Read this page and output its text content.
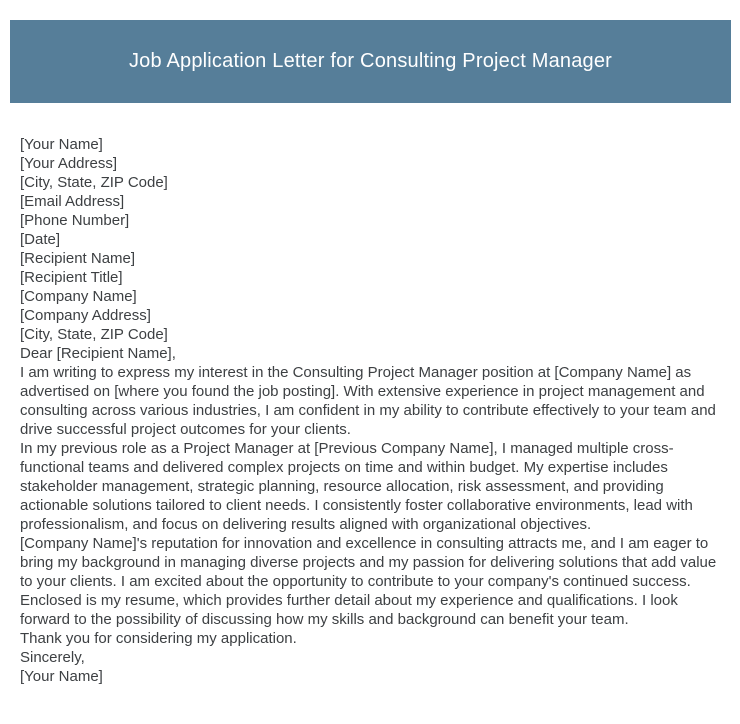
Job Application Letter for Consulting Project Manager
[Your Name]
[Your Address]
[City, State, ZIP Code]
[Email Address]
[Phone Number]
[Date]
[Recipient Name]
[Recipient Title]
[Company Name]
[Company Address]
[City, State, ZIP Code]
Dear [Recipient Name],

I am writing to express my interest in the Consulting Project Manager position at [Company Name] as advertised on [where you found the job posting]. With extensive experience in project management and consulting across various industries, I am confident in my ability to contribute effectively to your team and drive successful project outcomes for your clients.

In my previous role as a Project Manager at [Previous Company Name], I managed multiple cross-functional teams and delivered complex projects on time and within budget. My expertise includes stakeholder management, strategic planning, resource allocation, risk assessment, and providing actionable solutions tailored to client needs. I consistently foster collaborative environments, lead with professionalism, and focus on delivering results aligned with organizational objectives.

[Company Name]'s reputation for innovation and excellence in consulting attracts me, and I am eager to bring my background in managing diverse projects and my passion for delivering solutions that add value to your clients. I am excited about the opportunity to contribute to your company's continued success.

Enclosed is my resume, which provides further detail about my experience and qualifications. I look forward to the possibility of discussing how my skills and background can benefit your team.

Thank you for considering my application.
Sincerely,
[Your Name]
